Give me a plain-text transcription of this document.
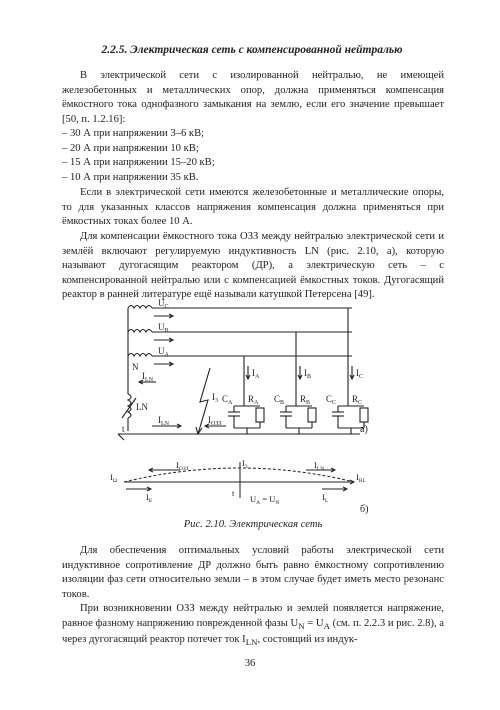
2.2.5. Электрическая сеть с компенсированной нейтралью
В электрической сети с изолированной нейтралью, не имеющей железобетонных и металлических опор, должна применяться компенсация ёмкостного тока однофазного замыкания на землю, если его значение превышает [50, п. 1.2.16]:
– 30 А при напряжении 3–6 кВ;
– 20 А при напряжении 10 кВ;
– 15 А при напряжении 15–20 кВ;
– 10 А при напряжении 35 кВ.
Если в электрической сети имеются железобетонные и металлические опоры, то для указанных классов напряжения компенсация должна применяться при ёмкостных токах более 10 А.
Для компенсации ёмкостного тока ОЗЗ между нейтралью электрической сети и землёй включают регулируемую индуктивность LN (рис. 2.10, а), которую называют дугогасящим реактором (ДР), а электрическую сеть – с компенсированной нейтралью или с компенсацией ёмкостных токов. Дугогасящий реактор в ранней литературе ещё называли катушкой Петерсена [49].
$U_C$
$U_B$
$U_A$
N
$I_{LN}$
LN
t
$I_{LN}$	$I_{ОЗЗ}$
$I_3$
$I_A$	$I_B$	$I_C$
$C_A$ $R_A$ $C_B$ $R_B$ $C_C$ $R_C$
а)
$I_{ОЗЗ}$
$I_3$	$I_{LN}$
$I_\Omega$	$I_{RL}$
$I_E$
t
$U_A = U_N$
$I_L$
б)
Рис. 2.10. Электрическая сеть
Для обеспечения оптимальных условий работы электрической сети индуктивное сопротивление ДР должно быть равно ёмкостному сопротивлению изоляции фаз сети относительно земли – в этом случае будет иметь место резонанс токов.
При возникновении ОЗЗ между нейтралью и землей появляется напряжение, равное фазному напряжению поврежденной фазы $U_N = U_A$ (см. п. 2.2.3 и рис. 2.8), а через дугогасящий реактор потечет ток $I_{LN}$, состоящий из индук-
36
